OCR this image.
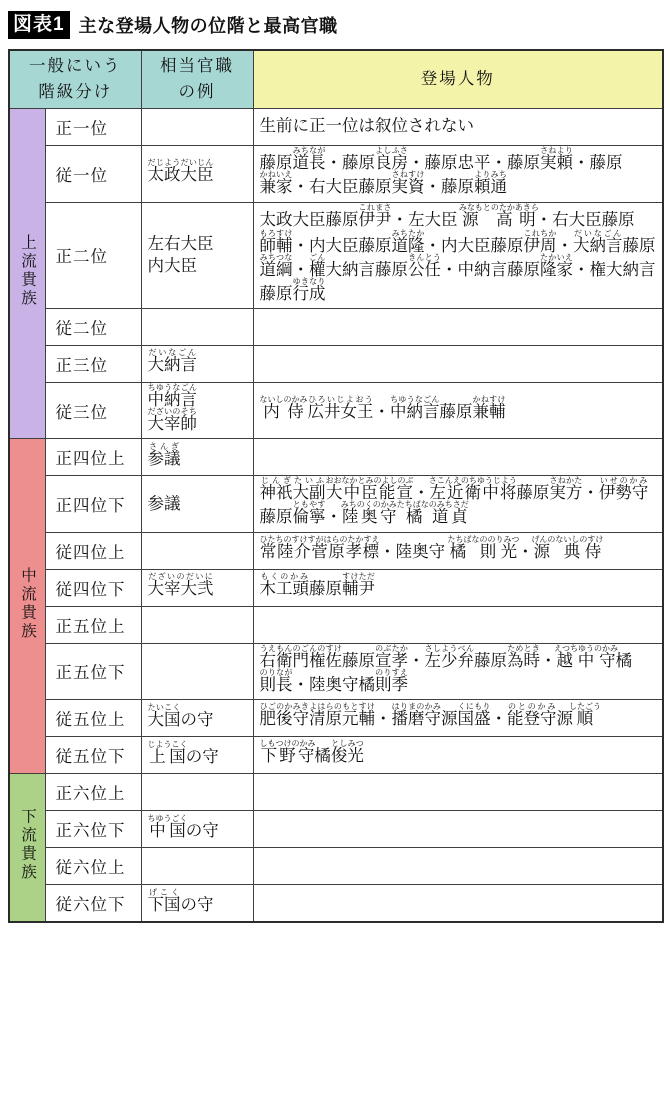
図表1 主な登場人物の位階と最高官職
一般にいう
階級分け		相当官職
の例	登場人物
上流貴族	正一位		生前に正一位は叙位されない
	従一位	太政大臣だじようだいじん	藤原道長みちなが・藤原良房よしふさ・藤原忠平・藤原実頼さねより・藤原兼家かねいえ・右大臣藤原実資さねすけ・藤原頼通よりみち
	正二位	左右大臣
内大臣	太政大臣藤原伊尹これまさ・左大臣 源 高明みなもとのたかあきら・右大臣藤原師輔もろすけ・内大臣藤原道隆みちたか・内大臣藤原伊周これちか・大納言だいなごん藤原道綱みちつな・權ごん大納言藤原公任きんとう・中納言藤原隆家たかいえ・権大納言藤原行成ゆきなり
	従二位		
	正三位	大納言だいなごん		
	従三位	中納言ちゆうなごん
大宰帥だざいのそち	内侍ないしのかみ広井女王ひろいじよおう・中納言ちゆうなごん藤原兼輔かねすけ
中流貴族	正四位上	参議さんぎ		
	正四位下	参議	神祇大副じんぎたいふ大中臣能宣おおなかとみのよしのぶ・左近衛中将さこんえのちゆうじよう藤原実方さねかた・伊勢守いせのかみ藤原倫寧ともやす・陸奥守 橘 道貞みちのくのかみたちばなのみちさだ
	従四位上		常陸介菅原孝標ひたちのすけすがはらのたかすえ・陸奥守 橘 則光たちばなののりみつ・源 典侍げんのないしのすけ
	従四位下	大宰大弐だざいのだいに	木工頭もくのかみ藤原輔尹すけただ
	正五位上		
	正五位下		右衛門権佐うえもんのごんのすけ藤原宣孝のぶたか・左少弁さしようべん藤原為時ためとき・越中守えつちゆうのかみ橘則長のりなが・陸奥守橘則季のりすえ
	従五位上	大国たいこくの守	肥後守清原元輔ひごのかみきよはらのもとすけ・播磨守はりまのかみ源国盛くにもり・能登守のとのかみ源順したごう
	従五位下	上国じようこくの守	下野守しもつけのかみ橘俊光としみつ
下流貴族	正六位上		
	正六位下	中国ちゆうごくの守	
	従六位上		
	従六位下	下国げこくの守	
